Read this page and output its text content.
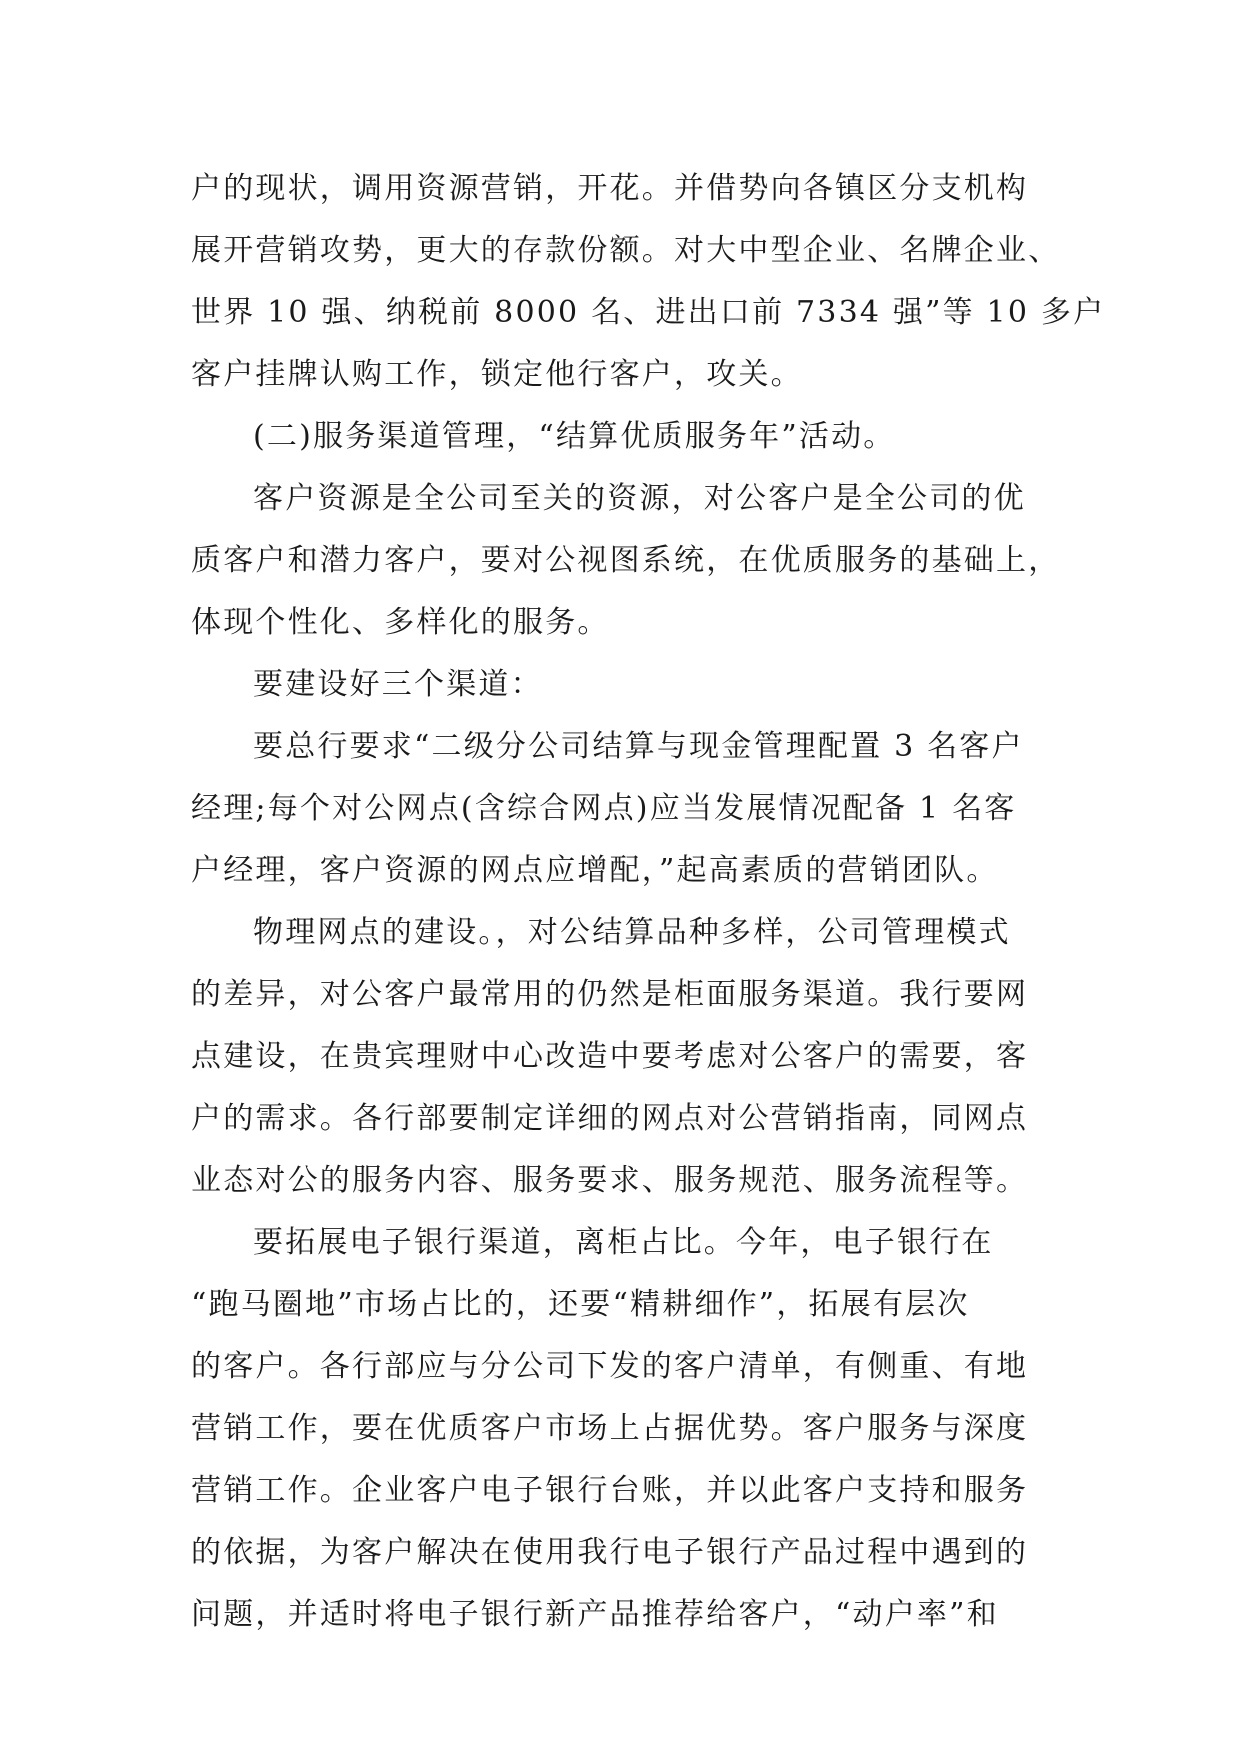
户的现状，调用资源营销，开花。并借势向各镇区分支机构
展开营销攻势，更大的存款份额。对大中型企业、名牌企业、
世界 10 强、纳税前 8000 名、进出口前 7334 强”等 10 多户
客户挂牌认购工作，锁定他行客户，攻关。
(二)服务渠道管理，“结算优质服务年”活动。
客户资源是全公司至关的资源，对公客户是全公司的优
质客户和潜力客户，要对公视图系统，在优质服务的基础上，
体现个性化、多样化的服务。
要建设好三个渠道：
要总行要求“二级分公司结算与现金管理配置 3 名客户
经理;每个对公网点(含综合网点)应当发展情况配备 1 名客
户经理，客户资源的网点应增配，”起高素质的营销团队。
物理网点的建设。，对公结算品种多样，公司管理模式
的差异，对公客户最常用的仍然是柜面服务渠道。我行要网
点建设，在贵宾理财中心改造中要考虑对公客户的需要，客
户的需求。各行部要制定详细的网点对公营销指南，同网点
业态对公的服务内容、服务要求、服务规范、服务流程等。
要拓展电子银行渠道，离柜占比。今年，电子银行在
“跑马圈地”市场占比的，还要“精耕细作”，拓展有层次
的客户。各行部应与分公司下发的客户清单，有侧重、有地
营销工作，要在优质客户市场上占据优势。客户服务与深度
营销工作。企业客户电子银行台账，并以此客户支持和服务
的依据，为客户解决在使用我行电子银行产品过程中遇到的
问题，并适时将电子银行新产品推荐给客户，“动户率”和
